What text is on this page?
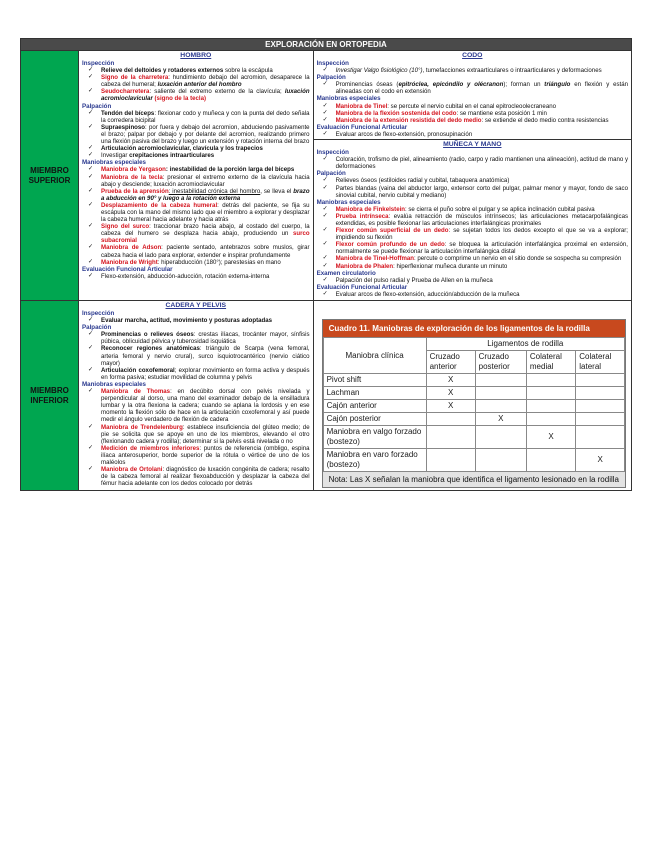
EXPLORACIÓN EN ORTOPEDIA
MIEMBRO
SUPERIOR
HOMBRO
Inspección
✓ Relieve del deltoides y rotadores externos sobre la escápula
✓ Signo de la charretera: hundimiento debajo del acromion, desaparece la cabeza del humeral; luxación anterior del hombro
✓ Seudocharretera: saliente del extremo externo de la clavícula; luxación acromioclavicular (signo de la tecla)
Palpación
✓ Tendón del bíceps: flexionar codo y muñeca y con la punta del dedo señala la corredera bicipital
✓ Supraespinoso: por fuera y debajo del acromion, abduciendo pasivamente el brazo; palpar por debajo y por delante del acromion, realizando primero una flexión pasiva del brazo y luego un extensión y rotación interna del brazo
✓ Articulación acromioclavicular, clavícula y los trapecios
✓ Investigar crepitaciones intraarticulares
Maniobras especiales
✓ Maniobra de Yergason: inestabilidad de la porción larga del bíceps
✓ Maniobra de la tecla: presionar el extremo externo de la clavícula hacia abajo y desciende; luxación acromioclavicular
✓ Prueba de la aprensión: inestabilidad crónica del hombro, se lleva el brazo a abducción en 90° y luego a la rotación externa
✓ Desplazamiento de la cabeza humeral: detrás del paciente, se fija su escápula con la mano del mismo lado que el miembro a explorar y desplazar la cabeza humeral hacia adelante y hacia atrás
✓ Signo del surco: traccionar brazo hacia abajo, al costado del cuerpo, la cabeza del humero se desplaza hacia abajo, produciendo un surco subacromial
✓ Maniobra de Adson: paciente sentado, antebrazos sobre muslos, girar cabeza hacia el lado para explorar, extender e inspirar profundamente
✓ Maniobra de Wright: hiperabducción (180°); parestesias en mano
Evaluación Funcional Articular
✓ Flexo-extensión, abducción-aducción, rotación externa-interna
CODO
Inspección
✓ Investigar Valgo fisiológico (10°), tumefacciones extraarticulares o intraarticulares y deformaciones
Palpación
✓ Prominencias óseas (epitróclea, epicóndilo y olécranon); forman un triángulo en flexión y están alineadas con el codo en extensión
Maniobras especiales
✓ Maniobra de Tinel: se percute el nervio cubital en el canal epitrocleoolecraneano
✓ Maniobra de la flexión sostenida del codo: se mantiene esta posición 1 min
✓ Maniobra de la extensión resistida del dedo medio: se extiende el dedo medio contra resistencias
Evaluación Funcional Articular
✓ Evaluar arcos de flexo-extensión, pronosupinación
MUÑECA Y MANO
Inspección
✓ Coloración, trofismo de piel, alineamiento (radio, carpo y radio mantienen una alineación), actitud de mano y deformaciones
Palpación
✓ Relieves óseos (estiloides radial y cubital, tabaquera anatómica)
✓ Partes blandas (vaina del abductor largo, extensor corto del pulgar, palmar menor y mayor, fondo de saco sinovial cubital, nervio cubital y mediano)
Maniobras especiales
✓ Maniobra de Finkelstein: se cierra el puño sobre el pulgar y se aplica inclinación cubital pasiva
✓ Prueba intrínseca: evalúa retracción de músculos intrínsecos; las articulaciones metacarpofalángicas extendidas, es posible flexionar las articulaciones interfalángicas proximales
✓ Flexor común superficial de un dedo: se sujetan todos los dedos excepto el que se va a explorar; impidiendo su flexión
✓ Flexor común profundo de un dedo: se bloquea la articulación interfalángica proximal en extensión, normalmente se puede flexionar la articulación interfalángica distal
✓ Maniobra de Tinel-Hoffman: percute o comprime un nervio en el sitio donde se sospecha su compresión
✓ Maniobra de Phalen: hiperflexionar muñeca durante un minuto
Examen circulatorio
✓ Palpación del pulso radial y Prueba de Allen en la muñeca
Evaluación Funcional Articular
✓ Evaluar arcos de flexo-extensión, aducción/abducción de la muñeca
MIEMBRO
INFERIOR
CADERA Y PELVIS
Inspección
✓ Evaluar marcha, actitud, movimiento y posturas adoptadas
Palpación
✓ Prominencias o relieves óseos: crestas ilíacas, trocánter mayor, sínfisis púbica, oblicuidad pélvica y tuberosidad isquiática
✓ Reconocer regiones anatómicas: triángulo de Scarpa (vena femoral, arteria femoral y nervio crural), surco isquiotrocantérico (nervio ciático mayor)
✓ Articulación coxofemoral; explorar movimiento en forma activa y después en forma pasiva; estudiar movilidad de columna y pelvis
Maniobras especiales
✓ Maniobra de Thomas: en decúbito dorsal con pelvis nivelada y perpendicular al dorso, una mano del examinador debajo de la ensilladura lumbar y la otra flexiona la cadera; cuando se aplana la lordosis y en ese momento la flexión sólo de hace en la articulación coxofemoral y así puede medir el ángulo verdadero de flexión de cadera
✓ Maniobra de Trendelenburg: establece insuficiencia del glúteo medio; de pie se solicita que se apoye en uno de los miembros, elevando el otro (flexionando cadera y rodilla); determinar si la pelvis está nivelada o no
✓ Medición de miembros inferiores: puntos de referencia (ombligo, espina ilíaca anterosuperior, borde superior de la rótula o vértice de uno de los maléolos
✓ Maniobra de Ortolani: diagnóstico de luxación congénita de cadera; resalto de la cabeza femoral al realizar flexoabducción y desplazar la cabeza del fémur hacia adelante con los dedos colocado por detrás
Cuadro 11. Maniobras de exploración de los ligamentos de la rodilla
Maniobra clínica	Ligamentos de rodilla			
	Cruzado anterior	Cruzado posterior	Colateral medial	Colateral lateral
Pivot shift	X			
Lachman	X			
Cajón anterior	X			
Cajón posterior		X		
Maniobra en valgo forzado (bostezo)			X	
Maniobra en varo forzado (bostezo)				X
Nota: Las X señalan la maniobra que identifica el ligamento lesionado en la rodilla
